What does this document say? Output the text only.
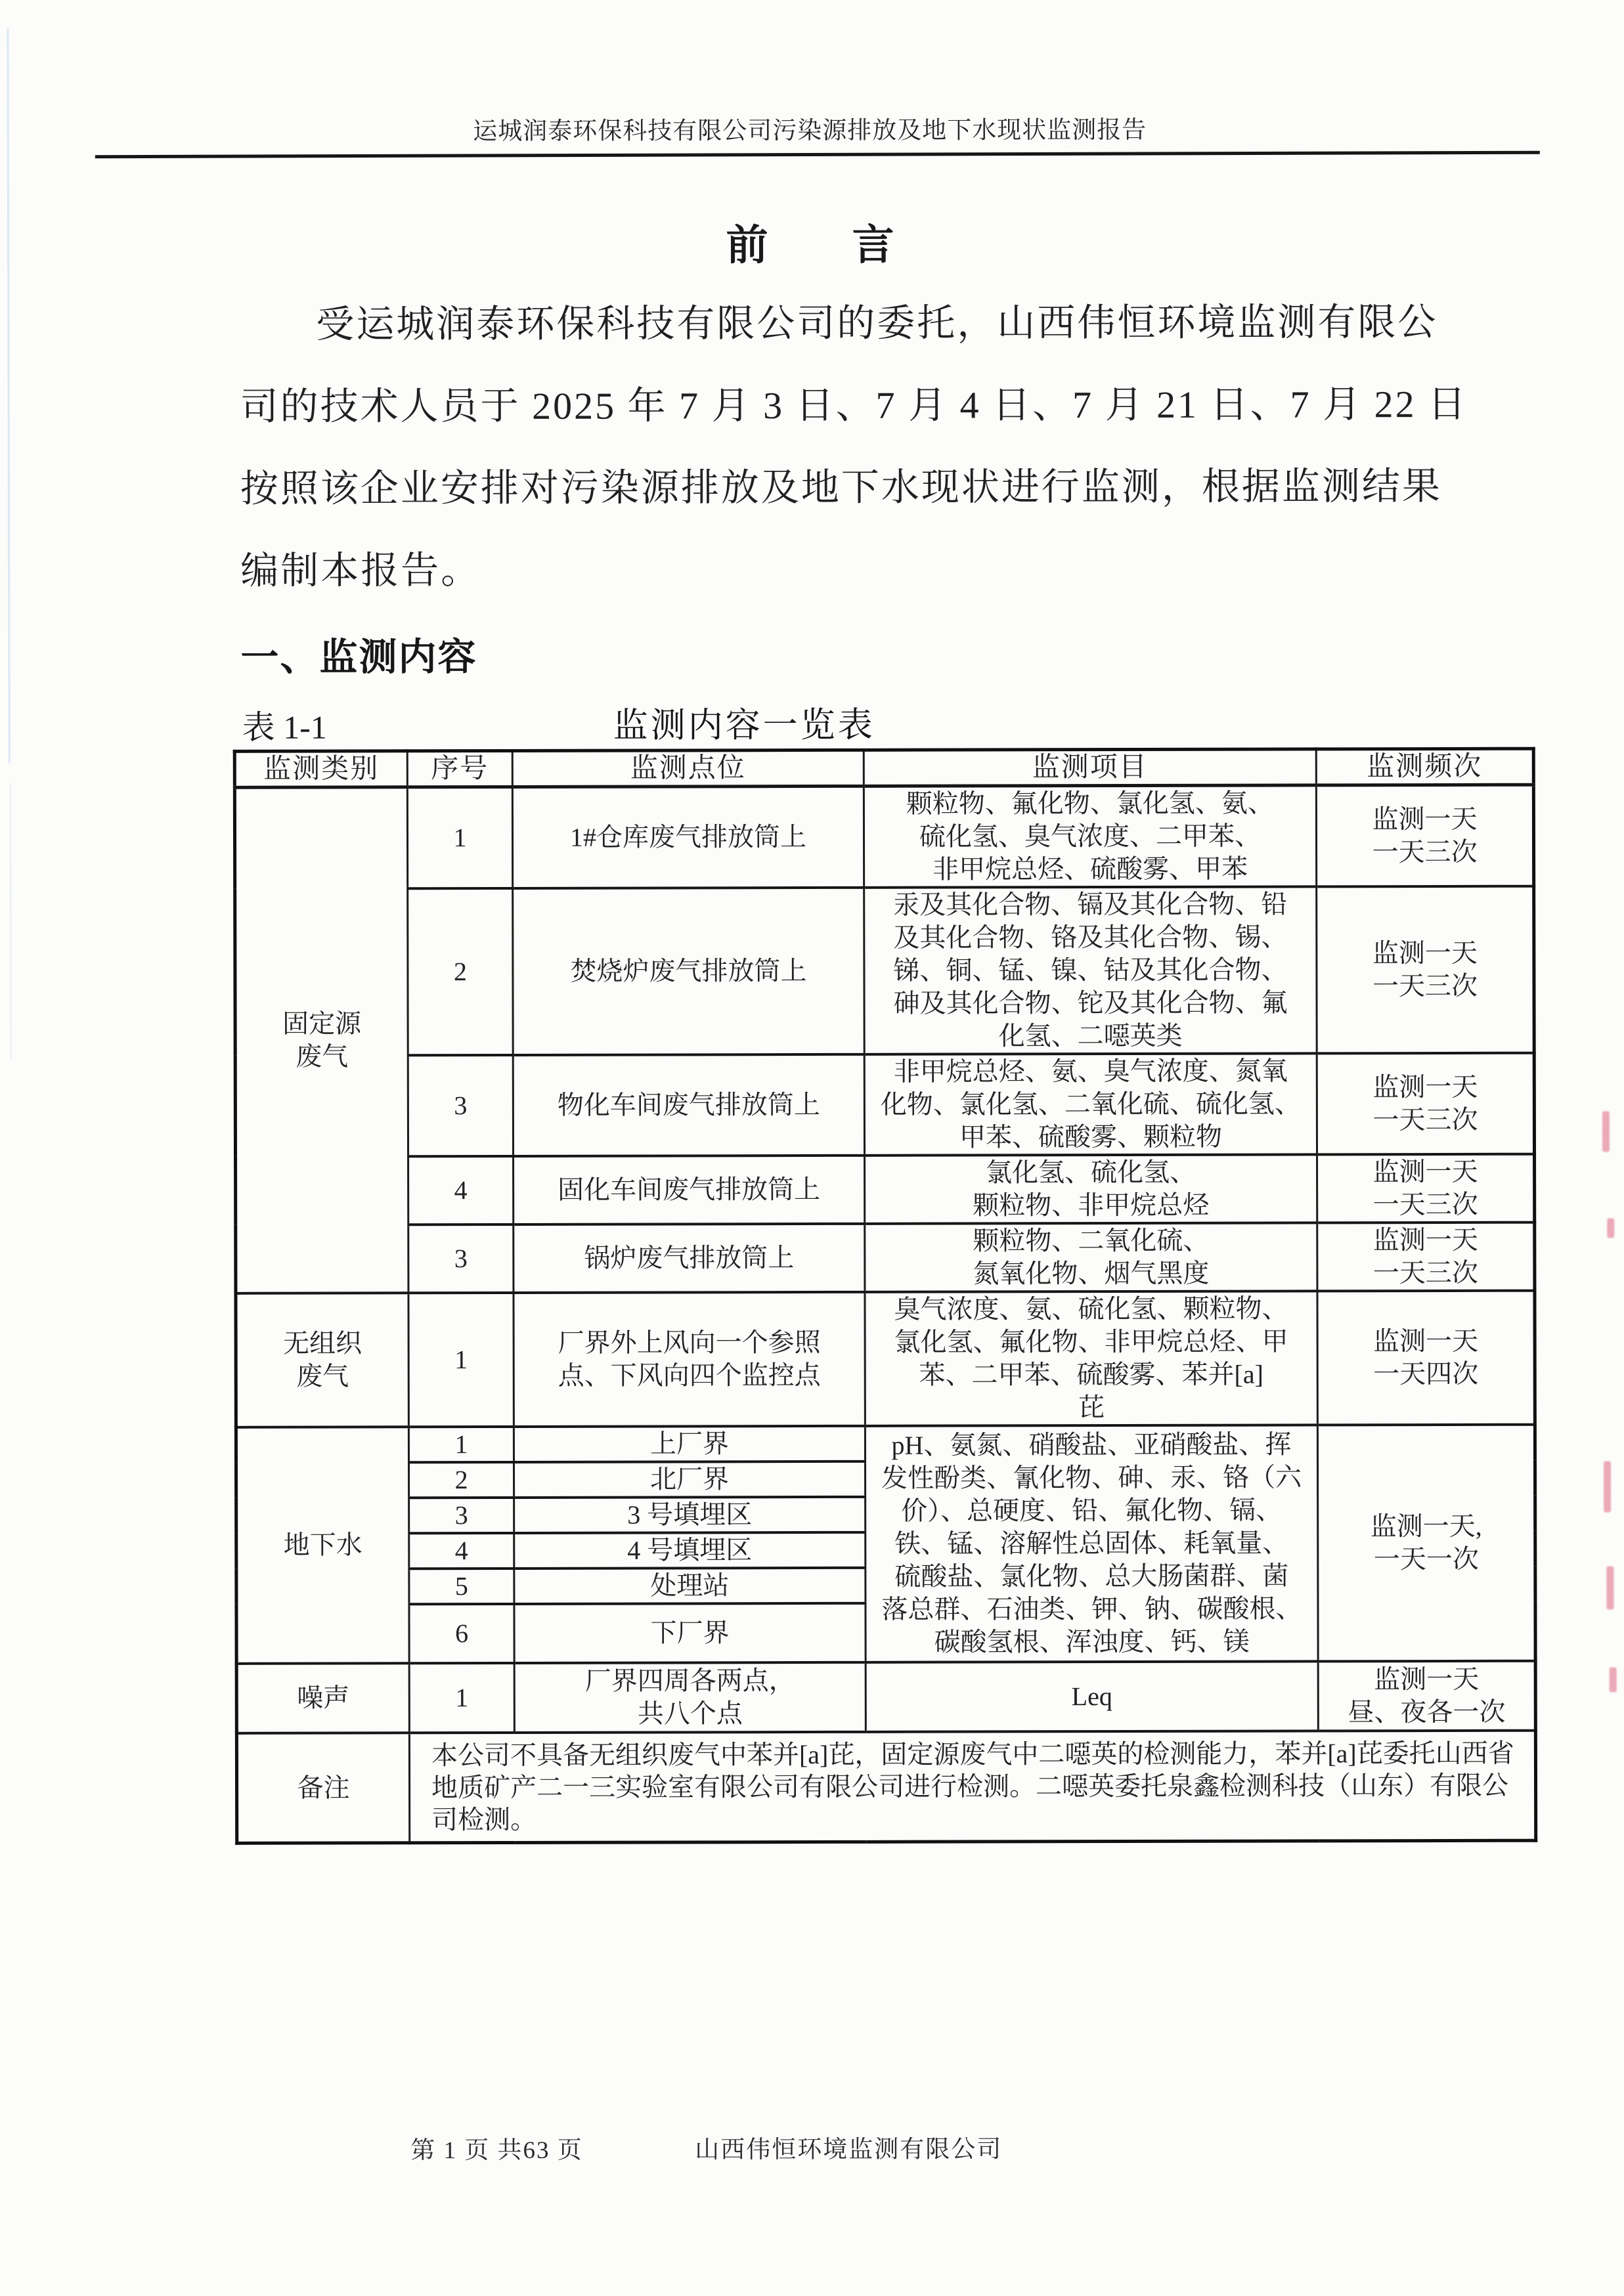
运城润泰环保科技有限公司污染源排放及地下水现状监测报告
前　　言
受运城润泰环保科技有限公司的委托，山西伟恒环境监测有限公
司的技术人员于 2025 年 7 月 3 日、7 月 4 日、7 月 21 日、7 月 22 日
按照该企业安排对污染源排放及地下水现状进行监测，根据监测结果
编制本报告。
一、监测内容
表 1-1	监测内容一览表
监测类别	序号	监测点位	监测项目	监测频次
固定源
废气	1	1#仓库废气排放筒上	颗粒物、氟化物、氯化氢、氨、
硫化氢、臭气浓度、二甲苯、
非甲烷总烃、硫酸雾、甲苯	监测一天
一天三次
	2	焚烧炉废气排放筒上	汞及其化合物、镉及其化合物、铅
及其化合物、铬及其化合物、锡、
锑、铜、锰、镍、钴及其化合物、
砷及其化合物、铊及其化合物、氟
化氢、二噁英类	监测一天
一天三次
	3	物化车间废气排放筒上	非甲烷总烃、氨、臭气浓度、氮氧
化物、氯化氢、二氧化硫、硫化氢、
甲苯、硫酸雾、颗粒物	监测一天
一天三次
	4	固化车间废气排放筒上	氯化氢、硫化氢、
颗粒物、非甲烷总烃	监测一天
一天三次
	3	锅炉废气排放筒上	颗粒物、二氧化硫、
氮氧化物、烟气黑度	监测一天
一天三次
无组织
废气	1	厂界外上风向一个参照
点、下风向四个监控点	臭气浓度、氨、硫化氢、颗粒物、
氯化氢、氟化物、非甲烷总烃、甲
苯、二甲苯、硫酸雾、苯并[a]
芘	监测一天
一天四次
地下水	1	上厂界	pH、氨氮、硝酸盐、亚硝酸盐、挥
发性酚类、氰化物、砷、汞、铬（六
价）、总硬度、铅、氟化物、镉、
铁、锰、溶解性总固体、耗氧量、
硫酸盐、氯化物、总大肠菌群、菌
落总群、石油类、钾、钠、碳酸根、
碳酸氢根、浑浊度、钙、镁	监测一天,
一天一次
	2	北厂界		
	3	3 号填埋区		
	4	4 号填埋区		
	5	处理站		
	6	下厂界		
噪声	1	厂界四周各两点，
共八个点	Leq	监测一天
昼、夜各一次
备注	本公司不具备无组织废气中苯并[a]芘，固定源废气中二噁英的检测能力，苯并[a]芘委托山西省地质矿产二一三实验室有限公司有限公司进行检测。二噁英委托泉鑫检测科技（山东）有限公司检测。			
第 1 页 共63 页	山西伟恒环境监测有限公司
